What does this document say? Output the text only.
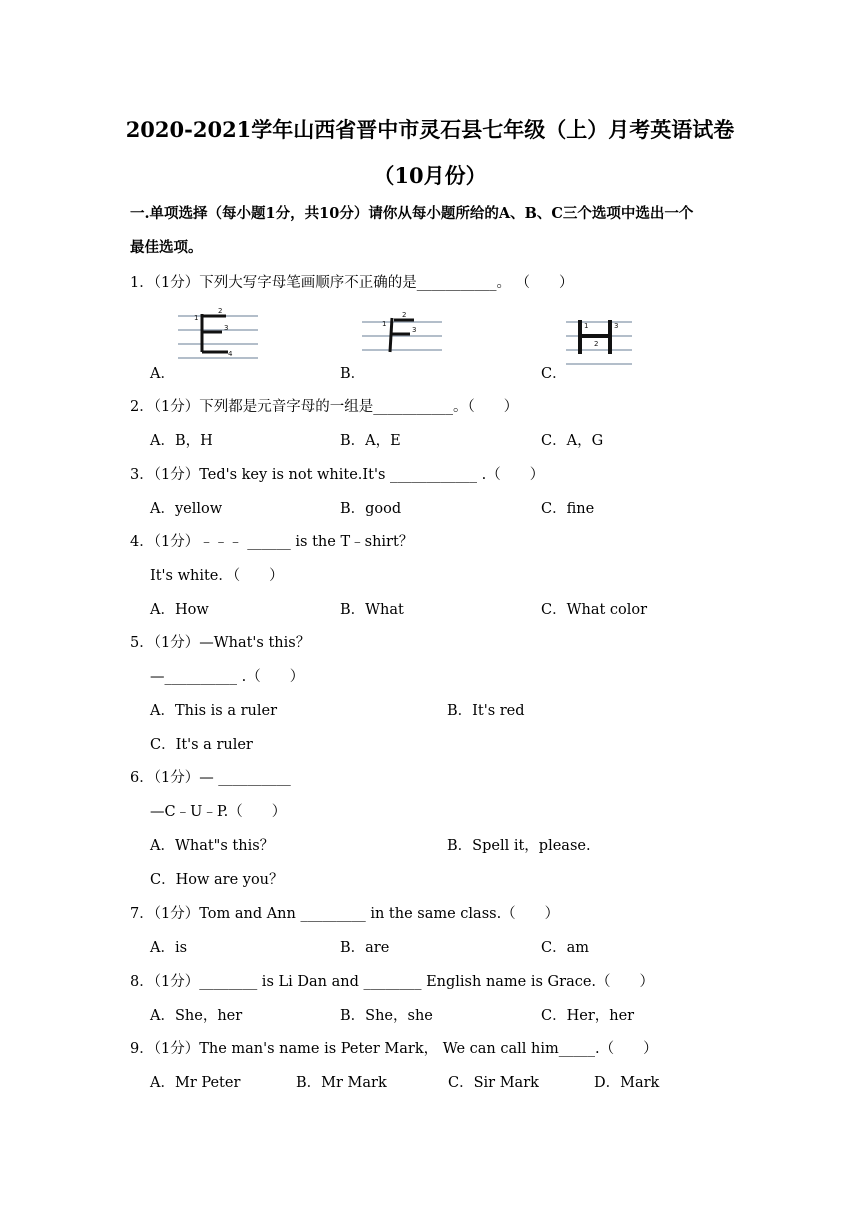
2020-2021学年山西省晋中市灵石县七年级（上）月考英语试卷
（10月份）
一.单项选择（每小题1分，共10分）请你从每小题所给的A、B、C三个选项中选出一个
最佳选项。
1．（1分）下列大写字母笔画顺序不正确的是___________。 （　　）
1
2
3
4
1
2
3	1
2
3
A．	B．	C．
2．（1分）下列都是元音字母的一组是___________。（　　）
A．B，H	B．A，E	C．A，G
3．（1分）Ted's key is not white.It's ____________ .（　　）
A．yellow	B．good	C．fine
4．（1分）﹣﹣﹣ ______ is the T﹣shirt？
It's white．（　　）
A．How	B．What	C．What color
5．（1分）—What's this？
—__________ .（　　）
A．This is a ruler	B．It's red
C．It's a ruler
6．（1分）— __________
—C﹣U﹣P.（　　）
A．What"s this？	B．Spell it，please.
C．How are you？
7．（1分）Tom and Ann _________ in the same class.（　　）
A．is	B．are	C．am
8．（1分）________ is Li Dan and ________ English name is Grace.（　　）
A．She，her	B．She，she	C．Her，her
9．（1分）The man's name is Peter Mark， We can call him_____.（　　）
A．Mr Peter	B．Mr Mark	C．Sir Mark	D．Mark
